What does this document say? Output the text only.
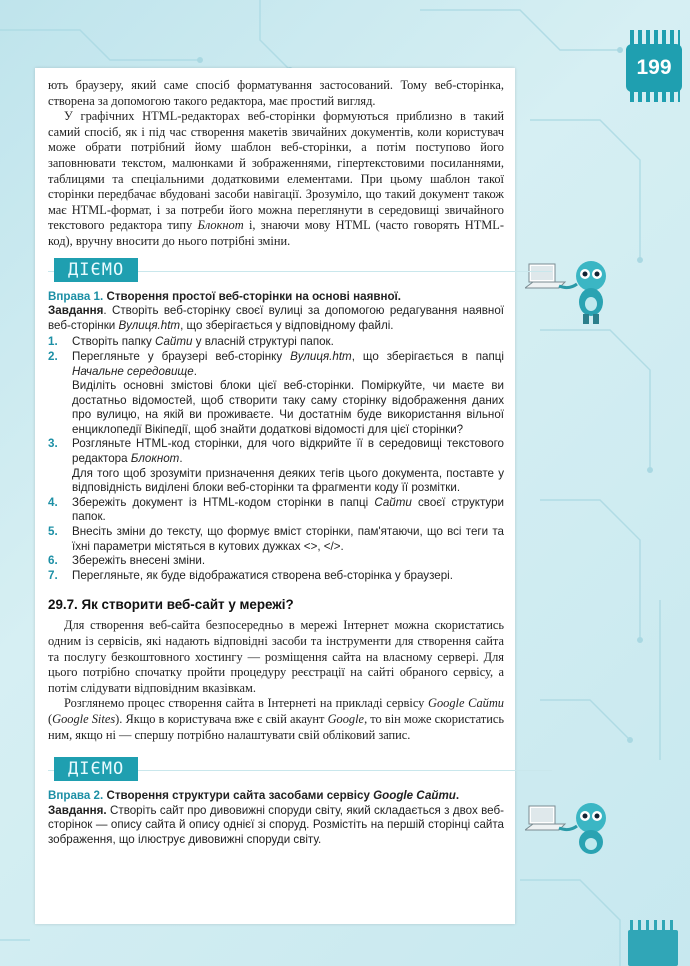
199

ють браузеру, який саме спосіб форматування застосований. Тому веб-сторінка, створена за допомогою такого редактора, має простий вигляд.

У графічних HTML-редакторах веб-сторінки формуються приблизно в такий самий спосіб, як і під час створення макетів звичайних документів, коли користувач може обрати потрібний йому шаблон веб-сторінки, а потім поступово його заповнювати текстом, малюнками й зображеннями, гіпертекстовими посиланнями, таблицями та спеціальними додатковими елементами. При цьому шаблон такої сторінки передбачає вбудовані засоби навігації. Зрозуміло, що такий документ також має HTML-формат, і за потреби його можна переглянути в середовищі звичайного текстового редактора типу Блокнот і, знаючи мову HTML (часто говорять HTML-код), вручну вносити до нього потрібні зміни.

ДІЄМО
Вправа 1. Створення простої веб-сторінки на основі наявної.
Завдання. Створіть веб-сторінку своєї вулиці за допомогою редагування наявної веб-сторінки Вулиця.htm, що зберігається у відповідному файлі.
1.	Створіть папку Сайти у власній структурі папок.
2.	Перегляньте у браузері веб-сторінку Вулиця.htm, що зберігається в папці Начальне середовище.
Виділіть основні змістові блоки цієї веб-сторінки. Поміркуйте, чи маєте ви достатньо відомостей, щоб створити таку саму сторінку відображення даних про вулицю, на якій ви проживаєте. Чи достатнім буде використання вільної енциклопедії Вікіпедії, щоб знайти додаткові відомості для цієї сторінки?
3.	Розгляньте HTML-код сторінки, для чого відкрийте її в середовищі текстового редактора Блокнот.
Для того щоб зрозуміти призначення деяких тегів цього документа, поставте у відповідність виділені блоки веб-сторінки та фрагменти коду її розмітки.
4.	Збережіть документ із HTML-кодом сторінки в папці Сайти своєї структури папок.
5.	Внесіть зміни до тексту, що формує вміст сторінки, пам'ятаючи, що всі теги та їхні параметри містяться в кутових дужках <>, </>.
6.	Збережіть внесені зміни.
7.	Перегляньте, як буде відображатися створена веб-сторінка у браузері.
29.7. Як створити веб-сайт у мережі?

Для створення веб-сайта безпосередньо в мережі Інтернет можна скористатись одним із сервісів, які надають відповідні засоби та інструменти для створення сайта та послугу безкоштовного хостингу — розміщення сайта на власному сервері. Для цього потрібно спочатку пройти процедуру реєстрації на сайті обраного сервісу, а потім слідувати відповідним вказівкам.

Розглянемо процес створення сайта в Інтернеті на прикладі сервісу Google Сайти (Google Sites). Якщо в користувача вже є свій акаунт Google, то він може скористатись ним, якщо ні — спершу потрібно налаштувати свій обліковий запис.

ДІЄМО
Вправа 2. Створення структури сайта засобами сервісу Google Сайти.
Завдання. Створіть сайт про дивовижні споруди світу, який складається з двох веб-сторінок — опису сайта й опису однієї зі споруд. Розмістіть на першій сторінці сайта зображення, що ілюструє дивовижні споруди світу.
